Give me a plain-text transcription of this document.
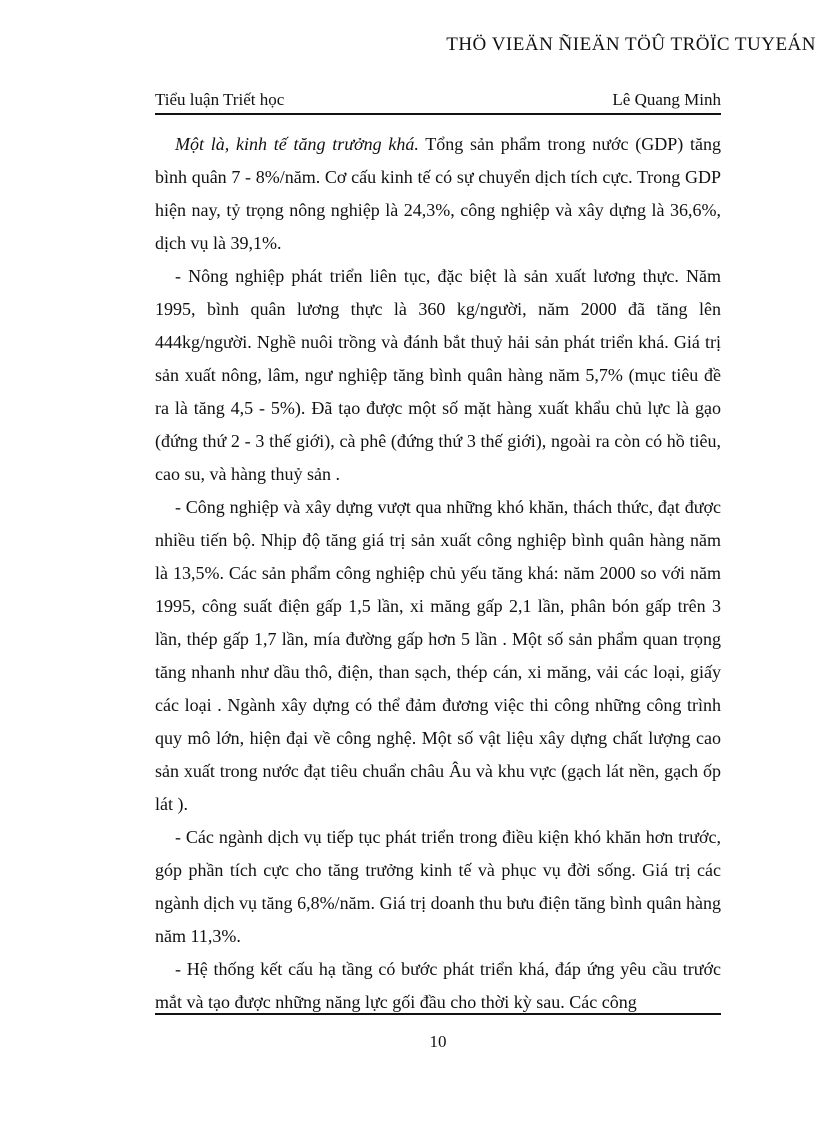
THÖ VIEÄN ÑIEÄN TÖÛ TRÖÏC TUYEÁN
Tiểu luận Triết học	Lê Quang Minh

Một là, kinh tế tăng trưởng khá. Tổng sản phẩm trong nước (GDP) tăng bình quân 7 - 8%/năm. Cơ cấu kinh tế có sự chuyển dịch tích cực. Trong GDP hiện nay, tỷ trọng nông nghiệp là 24,3%, công nghiệp và xây dựng là 36,6%, dịch vụ là 39,1%.

- Nông nghiệp phát triển liên tục, đặc biệt là sản xuất lương thực. Năm 1995, bình quân lương thực là 360 kg/người, năm 2000 đã tăng lên 444kg/người. Nghề nuôi trồng và đánh bắt thuỷ hải sản phát triển khá. Giá trị sản xuất nông, lâm, ngư nghiệp tăng bình quân hàng năm 5,7% (mục tiêu đề ra là tăng 4,5 - 5%). Đã tạo được một số mặt hàng xuất khẩu chủ lực là gạo (đứng thứ 2 - 3 thế giới), cà phê (đứng thứ 3 thế giới), ngoài ra còn có hồ tiêu, cao su, và hàng thuỷ sản .

- Công nghiệp và xây dựng vượt qua những khó khăn, thách thức, đạt được nhiều tiến bộ. Nhịp độ tăng giá trị sản xuất công nghiệp bình quân hàng năm là 13,5%. Các sản phẩm công nghiệp chủ yếu tăng khá: năm 2000 so với năm 1995, công suất điện gấp 1,5 lần, xi măng gấp 2,1 lần, phân bón gấp trên 3 lần, thép gấp 1,7 lần, mía đường gấp hơn 5 lần . Một số sản phẩm quan trọng tăng nhanh như dầu thô, điện, than sạch, thép cán, xi măng, vải các loại, giấy các loại . Ngành xây dựng có thể đảm đương việc thi công những công trình quy mô lớn, hiện đại về công nghệ. Một số vật liệu xây dựng chất lượng cao sản xuất trong nước đạt tiêu chuẩn châu Âu và khu vực (gạch lát nền, gạch ốp lát ).

- Các ngành dịch vụ tiếp tục phát triển trong điều kiện khó khăn hơn trước, góp phần tích cực cho tăng trưởng kinh tế và phục vụ đời sống. Giá trị các ngành dịch vụ tăng 6,8%/năm. Giá trị doanh thu bưu điện tăng bình quân hàng năm 11,3%.

- Hệ thống kết cấu hạ tầng có bước phát triển khá, đáp ứng yêu cầu trước mắt và tạo được những năng lực gối đầu cho thời kỳ sau. Các công

10
